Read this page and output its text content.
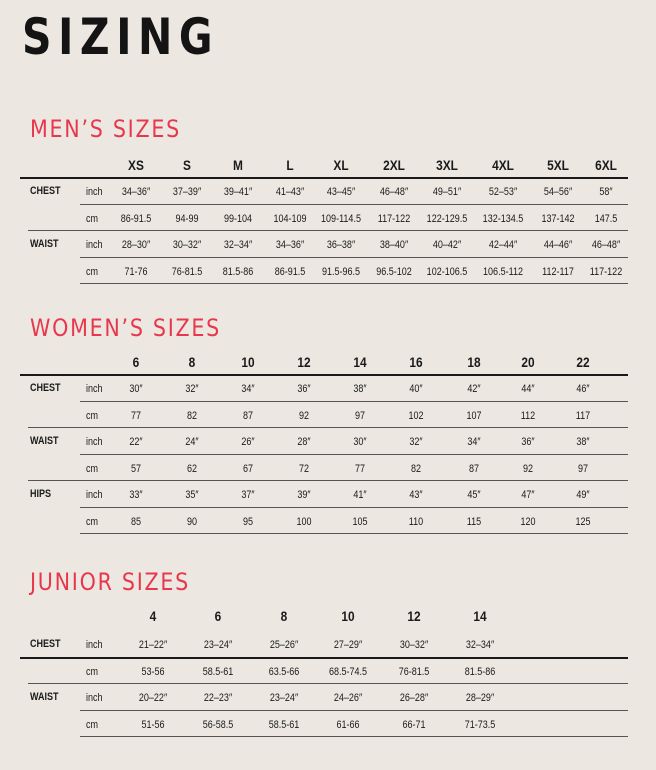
SIZING
MEN’S SIZES
XS	S	M	L	XL 2XL 3XL 4XL 5XL 6XL
CHEST inch 34–36″ 37–39″ 39–41″ 41–43″ 43–45″ 46–48″ 49–51″	52–53″ 54–56″ 58″
cm 86-91.5 94-99 99-104 104-109 109-114.5 117-122 122-129.5 132-134.5 137-142 147.5
WAIST inch 28–30″ 30–32″ 32–34″ 34–36″ 36–38″ 38–40″ 40–42″	42–44″ 44–46″ 46–48″
cm 71-76 76-81.5 81.5-86 86-91.5 91.5-96.5 96.5-102 102-106.5 106.5-112 112-117 117-122
WOMEN’S SIZES
6	8	10	12	14	16	18	20	22
CHEST inch 30″	32″	34″	36″	38″	40″	42″	44″	46″
cm	77	82	87	92	97	102	107	112	117
WAIST inch 22″	24″	26″	28″	30″	32″	34″	36″	38″
cm	57	62	67	72	77	82	87	92	97
HIPS	inch 33″	35″	37″	39″	41″	43″	45″	47″	49″
cm	85	90	95	100	105	110	115	120	125
JUNIOR SIZES
4	6	8	10	12	14
CHEST inch	21–22″	23–24″	25–26″	27–29″	30–32″	32–34″
cm	53-56	58.5-61	63.5-66	68.5-74.5	76-81.5	81.5-86
WAIST inch	20–22″	22–23″	23–24″	24–26″	26–28″	28–29″
cm	51-56	56-58.5	58.5-61	61-66	66-71	71-73.5
